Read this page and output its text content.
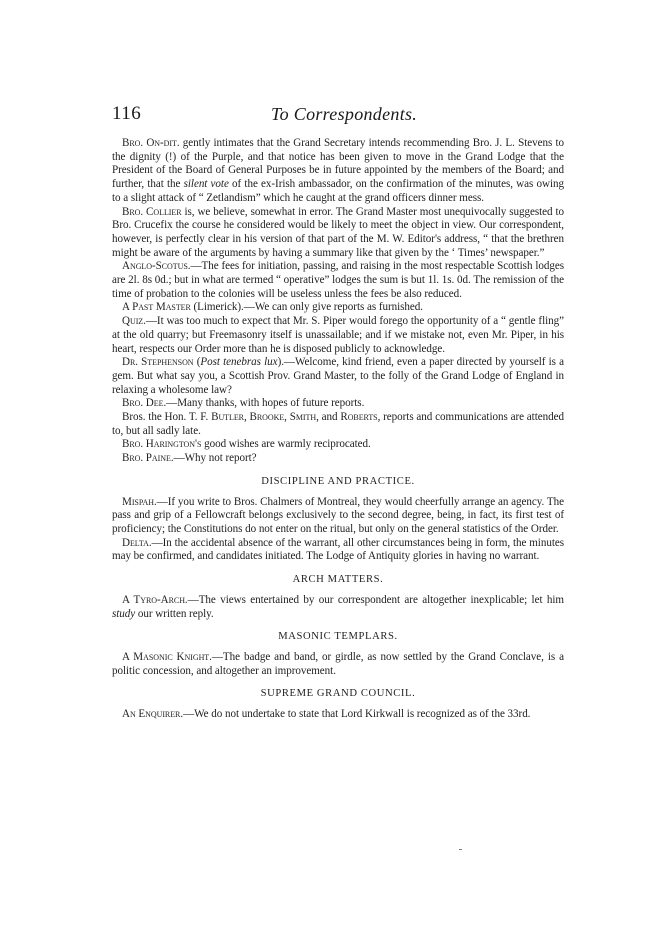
116	To Correspondents.

Bro. On-dit. gently intimates that the Grand Secretary intends recommending Bro. J. L. Stevens to the dignity (!) of the Purple, and that notice has been given to move in the Grand Lodge that the President of the Board of General Purposes be in future appointed by the members of the Board; and further, that the silent vote of the ex-Irish ambassador, on the confirmation of the minutes, was owing to a slight attack of “ Zetlandism” which he caught at the grand officers dinner mess.

Bro. Collier is, we believe, somewhat in error. The Grand Master most unequivocally suggested to Bro. Crucefix the course he considered would be likely to meet the object in view. Our correspondent, however, is perfectly clear in his version of that part of the M. W. Editor's address, “ that the brethren might be aware of the arguments by having a summary like that given by the ‘ Times’ newspaper.”

Anglo-Scotus.—The fees for initiation, passing, and raising in the most respectable Scottish lodges are 2l. 8s 0d.; but in what are termed “ operative” lodges the sum is but 1l. 1s. 0d. The remission of the time of probation to the colonies will be useless unless the fees be also reduced.

A Past Master (Limerick).—We can only give reports as furnished.

Quiz.—It was too much to expect that Mr. S. Piper would forego the opportunity of a “ gentle fling” at the old quarry; but Freemasonry itself is unassailable; and if we mistake not, even Mr. Piper, in his heart, respects our Order more than he is disposed publicly to acknowledge.

Dr. Stephenson (Post tenebras lux).—Welcome, kind friend, even a paper directed by yourself is a gem. But what say you, a Scottish Prov. Grand Master, to the folly of the Grand Lodge of England in relaxing a wholesome law?

Bro. Dee.—Many thanks, with hopes of future reports.

Bros. the Hon. T. F. Butler, Brooke, Smith, and Roberts, reports and communications are attended to, but all sadly late.

Bro. Harington's good wishes are warmly reciprocated.

Bro. Paine.—Why not report?

DISCIPLINE AND PRACTICE.

Mispah.—If you write to Bros. Chalmers of Montreal, they would cheerfully arrange an agency. The pass and grip of a Fellowcraft belongs exclusively to the second degree, being, in fact, its first test of proficiency; the Constitutions do not enter on the ritual, but only on the general statistics of the Order.

Delta.—In the accidental absence of the warrant, all other circumstances being in form, the minutes may be confirmed, and candidates initiated. The Lodge of Antiquity glories in having no warrant.

ARCH MATTERS.

A Tyro-Arch.—The views entertained by our correspondent are altogether inexplicable; let him study our written reply.

MASONIC TEMPLARS.

A Masonic Knight.—The badge and band, or girdle, as now settled by the Grand Conclave, is a politic concession, and altogether an improvement.

SUPREME GRAND COUNCIL.

An Enquirer.—We do not undertake to state that Lord Kirkwall is recognized as of the 33rd.
